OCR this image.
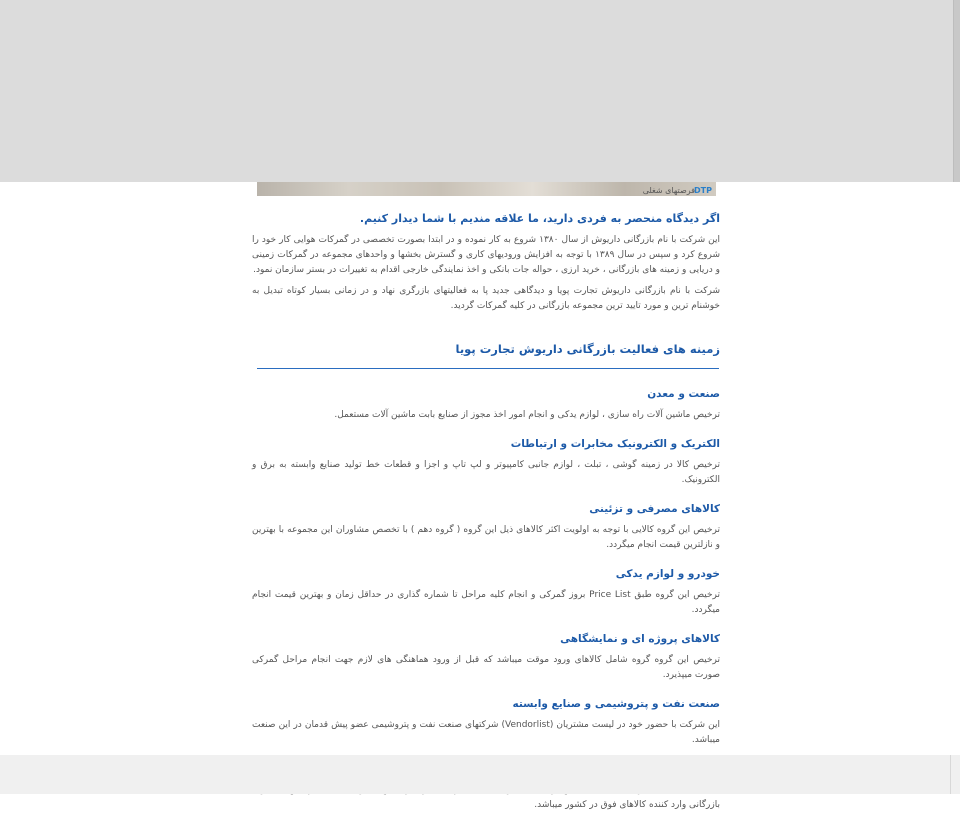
DTP
فرصتهای شغلی

اگر دیدگاه منحصر به فردی دارید، ما علاقه مندیم با شما دیدار کنیم.

این شرکت با نام بازرگانی داریوش از سال ۱۳۸۰ شروع به کار نموده و در ابتدا بصورت تخصصی در گمرکات هوایی کار خود را شروع کرد و سپس در سال ۱۳۸۹ با توجه به افزایش ورودیهای کاری و گسترش بخشها و واحدهای مجموعه در گمرکات زمینی و دریایی و زمینه های بازرگانی ، خرید ارزی ، حواله جات بانکی و اخذ نمایندگی خارجی اقدام به تغییرات در بستر سازمان نمود.

شرکت با نام بازرگانی داریوش تجارت پویا و دیدگاهی جدید پا به فعالیتهای بازرگری نهاد و در زمانی بسیار کوتاه تبدیل به خوشنام ترین و مورد تایید ترین مجموعه بازرگانی در کلیه گمرکات گردید.

زمینه های فعالیت بازرگانی داریوش تجارت پویا

صنعت و معدن

ترخیص ماشین آلات راه سازی ، لوازم یدکی و انجام امور اخذ مجوز از صنایع بابت ماشین آلات مستعمل.

الکتریک و الکترونیک مخابرات و ارتباطات

ترخیص کالا در زمینه گوشی ، تبلت ، لوازم جانبی کامپیوتر و لپ تاپ و اجزا و قطعات خط تولید صنایع وابسته به برق و الکترونیک.

کالاهای مصرفی و تزئینی

ترخیص این گروه کالایی با توجه به اولویت اکثر کالاهای ذیل این گروه ( گروه دهم ) با تخصص مشاوران این مجموعه با بهترین و نازلترین قیمت انجام میگردد.

خودرو و لوازم یدکی

ترخیص این گروه طبق Price List بروز گمرکی و انجام کلیه مراحل تا شماره گذاری در حداقل زمان و بهترین قیمت انجام میگردد.

کالاهای پروژه ای و نمایشگاهی

ترخیص این گروه گروه شامل کالاهای ورود موقت میباشد که قبل از ورود هماهنگی های لازم جهت انجام مراحل گمرکی صورت میپذیرد.

صنعت نفت و پتروشیمی و صنایع وابسته

این شرکت با حضور خود در لیست مشتریان (Vendorlist) شرکتهای صنعت نفت و پتروشیمی عضو پیش قدمان در این صنعت میباشد.

بازرگانی وارد کننده کالاهای فوق در کشور میباشد.
